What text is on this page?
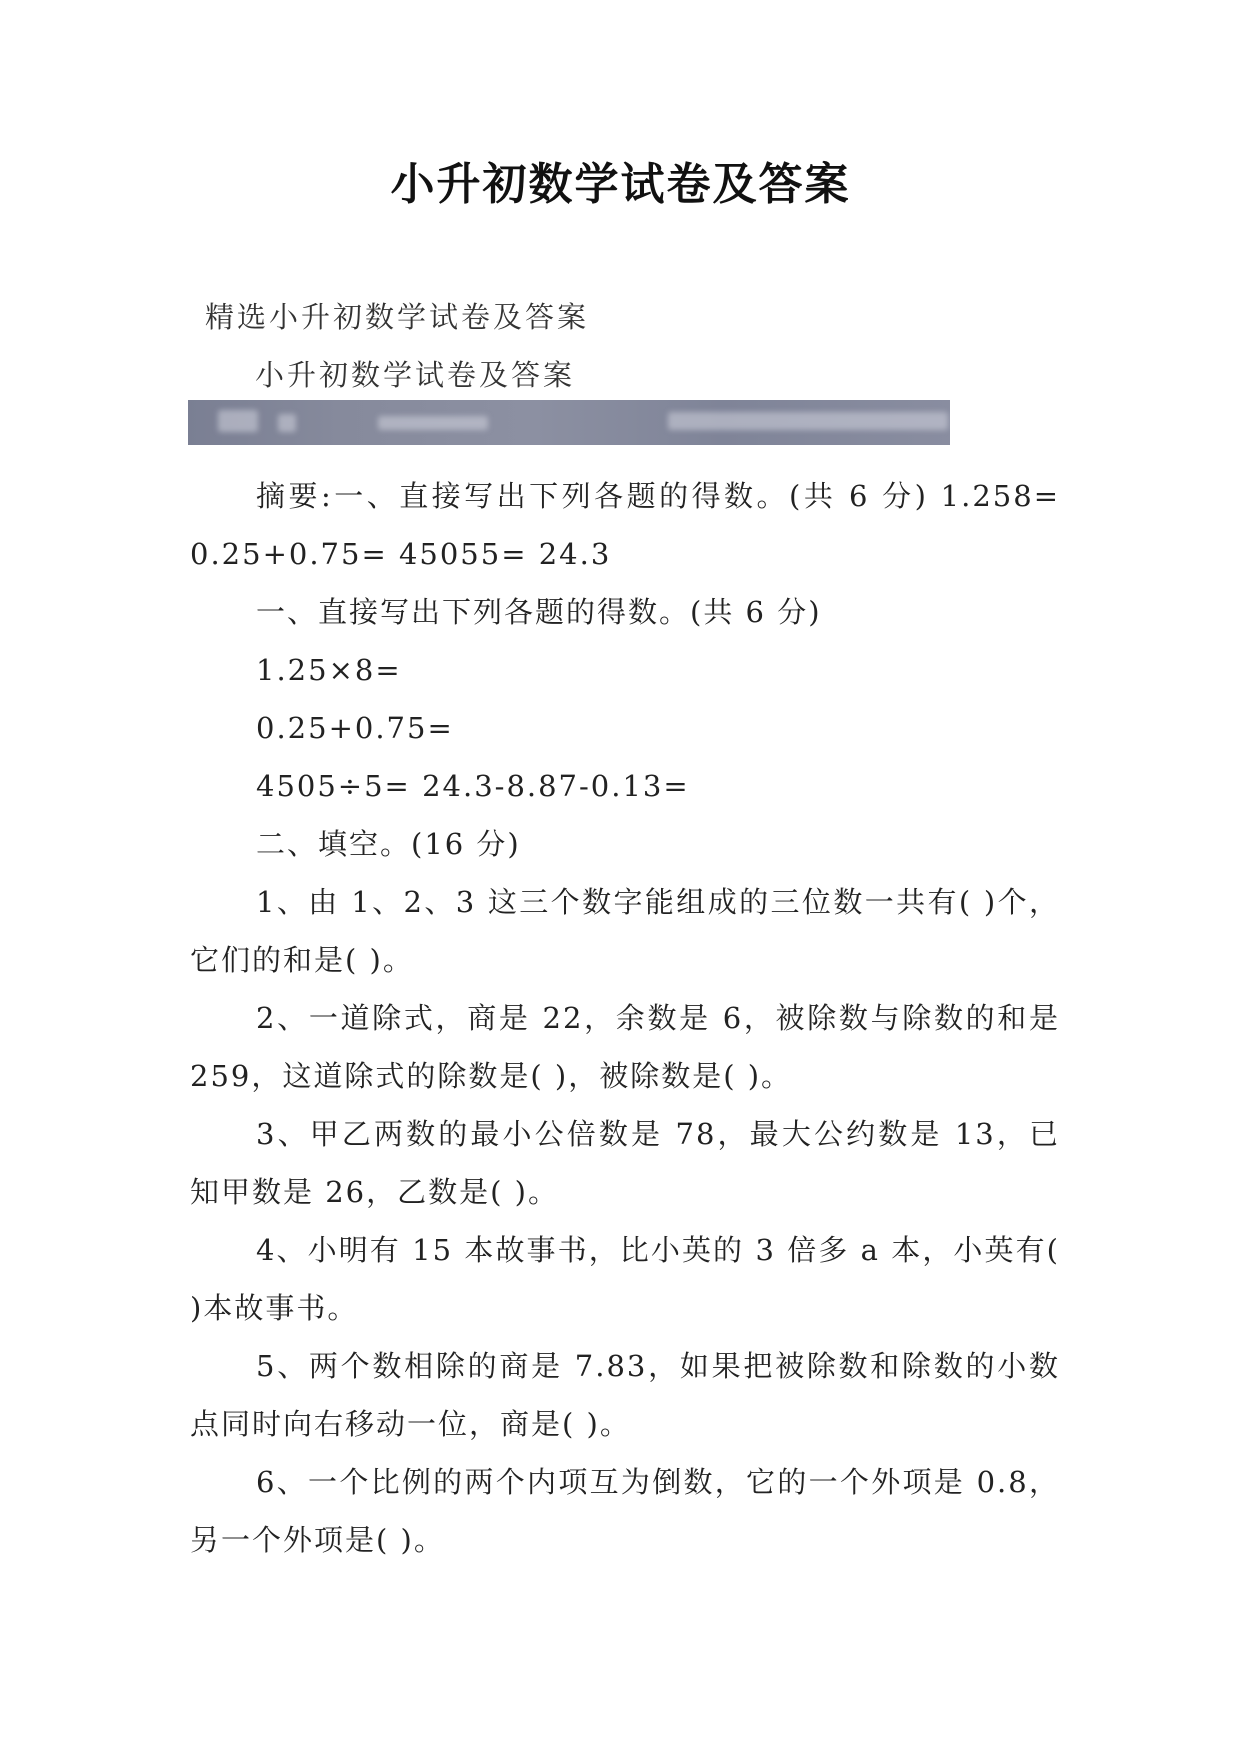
小升初数学试卷及答案
精选小升初数学试卷及答案
小升初数学试卷及答案

摘要:一、直接写出下列各题的得数。(共 6 分) 1.258= 0.25+0.75= 45055= 24.3

一、直接写出下列各题的得数。(共 6 分)

1.25×8=

0.25+0.75=

4505÷5= 24.3-8.87-0.13=

二、填空。(16 分)

1、由 1、2、3 这三个数字能组成的三位数一共有( )个，它们的和是( )。

2、一道除式，商是 22，余数是 6，被除数与除数的和是 259，这道除式的除数是( )，被除数是( )。

3、甲乙两数的最小公倍数是 78，最大公约数是 13，已知甲数是 26，乙数是( )。

4、小明有 15 本故事书，比小英的 3 倍多 a 本，小英有( )本故事书。

5、两个数相除的商是 7.83，如果把被除数和除数的小数点同时向右移动一位，商是( )。

6、一个比例的两个内项互为倒数，它的一个外项是 0.8，另一个外项是( )。
